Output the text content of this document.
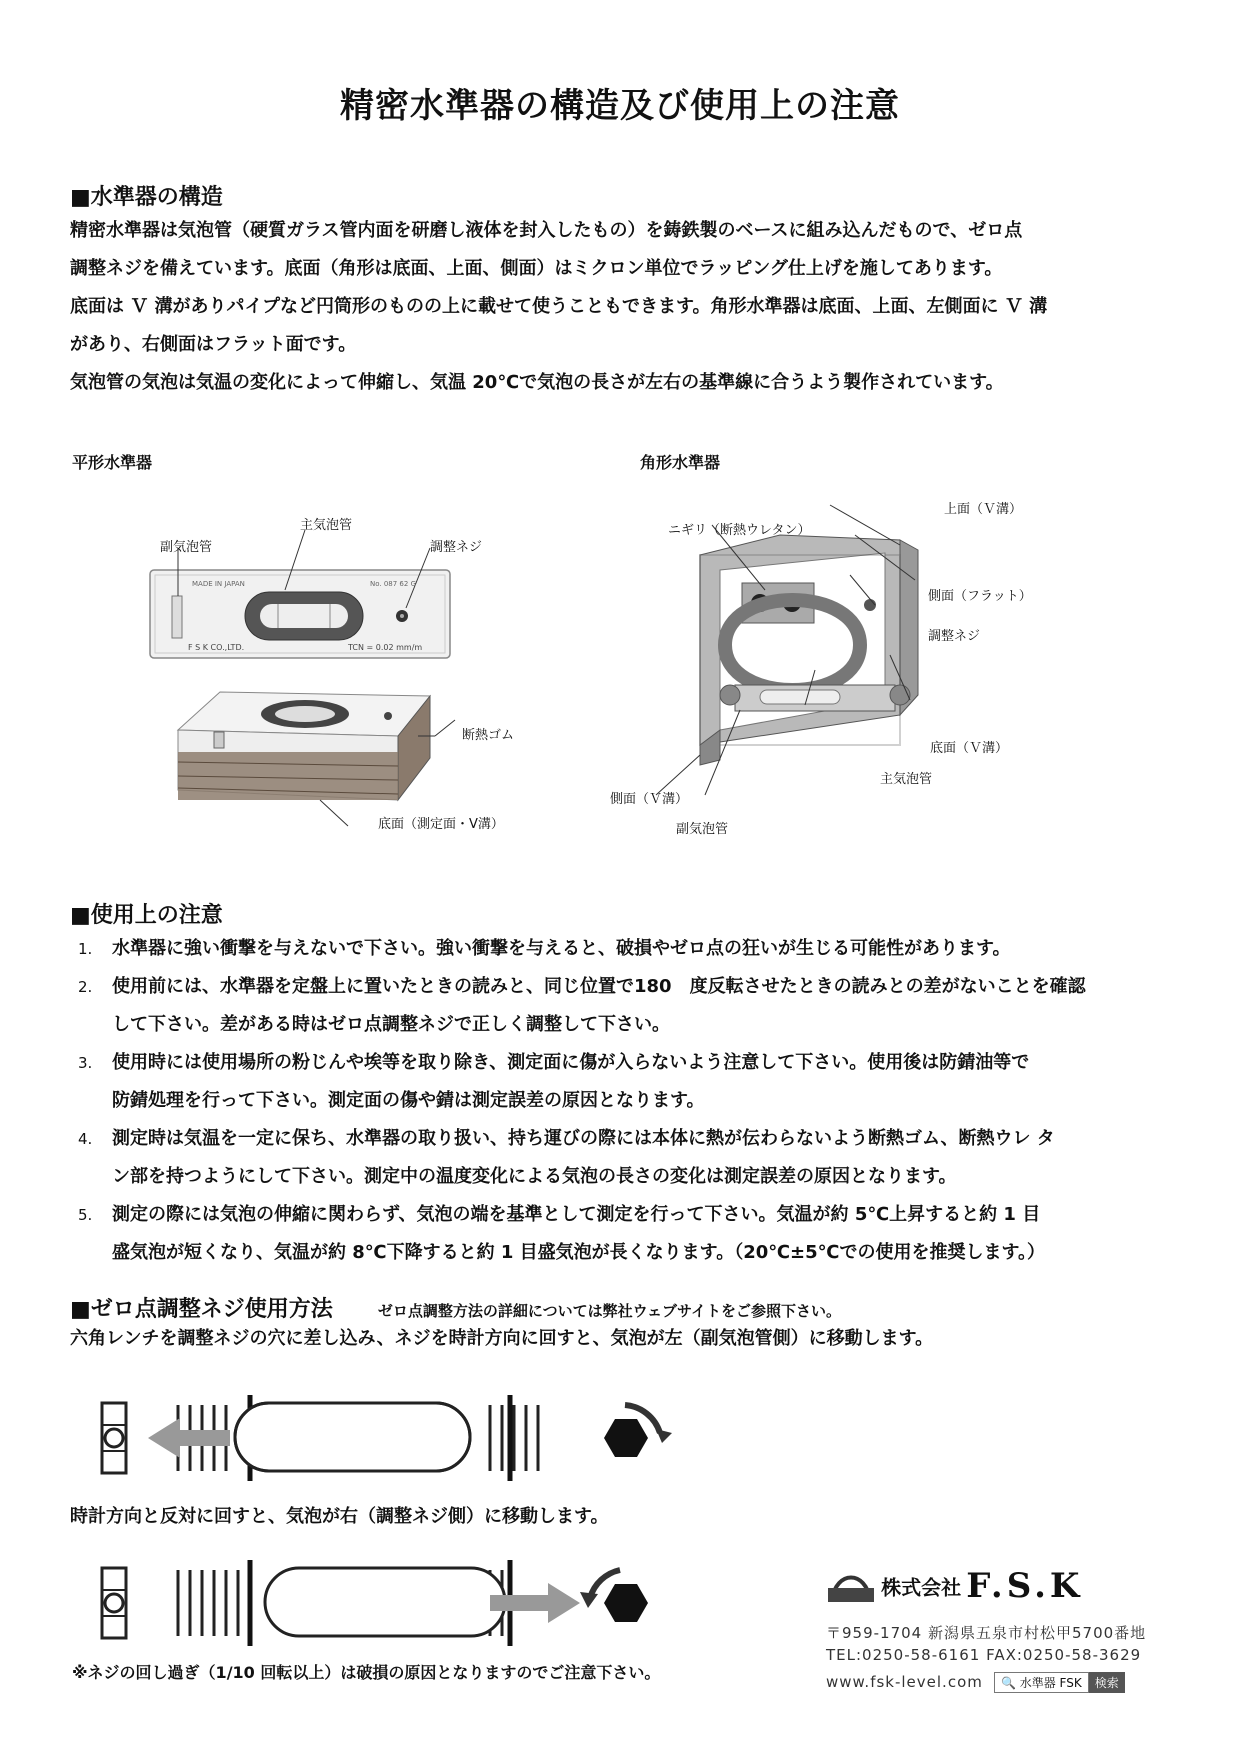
精密水準器の構造及び使用上の注意
■水準器の構造
精密水準器は気泡管（硬質ガラス管内面を研磨し液体を封入したもの）を鋳鉄製のベースに組み込んだもので、ゼロ点
調整ネジを備えています。底面（角形は底面、上面、側面）はミクロン単位でラッピング仕上げを施してあります。
底面は Ｖ 溝がありパイプなど円筒形のものの上に載せて使うこともできます。角形水準器は底面、上面、左側面に Ｖ 溝
があり、右側面はフラット面です。
気泡管の気泡は気温の変化によって伸縮し、気温 20℃で気泡の長さが左右の基準線に合うよう製作されています。
平形水準器	角形水準器
MADE IN JAPAN	No. 087 62 G
F S K CO.,LTD.	TCN = 0.02 mm/m
主気泡管
副気泡管	調整ネジ
断熱ゴム
底面（測定面・V溝）
ニギリ（断熱ウレタン）
上面（Ｖ溝）
側面（フラット）
調整ネジ
底面（Ｖ溝）
主気泡管
側面（Ｖ溝）
副気泡管
■使用上の注意
1. 水準器に強い衝撃を与えないで下さい。強い衝撃を与えると、破損やゼロ点の狂いが生じる可能性があります。
2. 使用前には、水準器を定盤上に置いたときの読みと、同じ位置で180　度反転させたときの読みとの差がないことを確認
して下さい。差がある時はゼロ点調整ネジで正しく調整して下さい。
3. 使用時には使用場所の粉じんや埃等を取り除き、測定面に傷が入らないよう注意して下さい。使用後は防錆油等で
防錆処理を行って下さい。測定面の傷や錆は測定誤差の原因となります。
4. 測定時は気温を一定に保ち、水準器の取り扱い、持ち運びの際には本体に熱が伝わらないよう断熱ゴム、断熱ウレ タ
ン部を持つようにして下さい。測定中の温度変化による気泡の長さの変化は測定誤差の原因となります。
5. 測定の際には気泡の伸縮に関わらず、気泡の端を基準として測定を行って下さい。気温が約 5℃上昇すると約 1 目
盛気泡が短くなり、気温が約 8℃下降すると約 1 目盛気泡が長くなります。（20℃±5℃での使用を推奨します。）
■ゼロ点調整ネジ使用方法	ゼロ点調整方法の詳細については弊社ウェブサイトをご参照下さい。
六角レンチを調整ネジの穴に差し込み、ネジを時計方向に回すと、気泡が左（副気泡管側）に移動します。
時計方向と反対に回すと、気泡が右（調整ネジ側）に移動します。
※ネジの回し過ぎ（1/10 回転以上）は破損の原因となりますのでご注意下さい。
株式会社 F.S.K
〒959-1704 新潟県五泉市村松甲5700番地
TEL:0250-58-6161 FAX:0250-58-3629
www.fsk-level.com 🔍 水準器 FSK 検索
